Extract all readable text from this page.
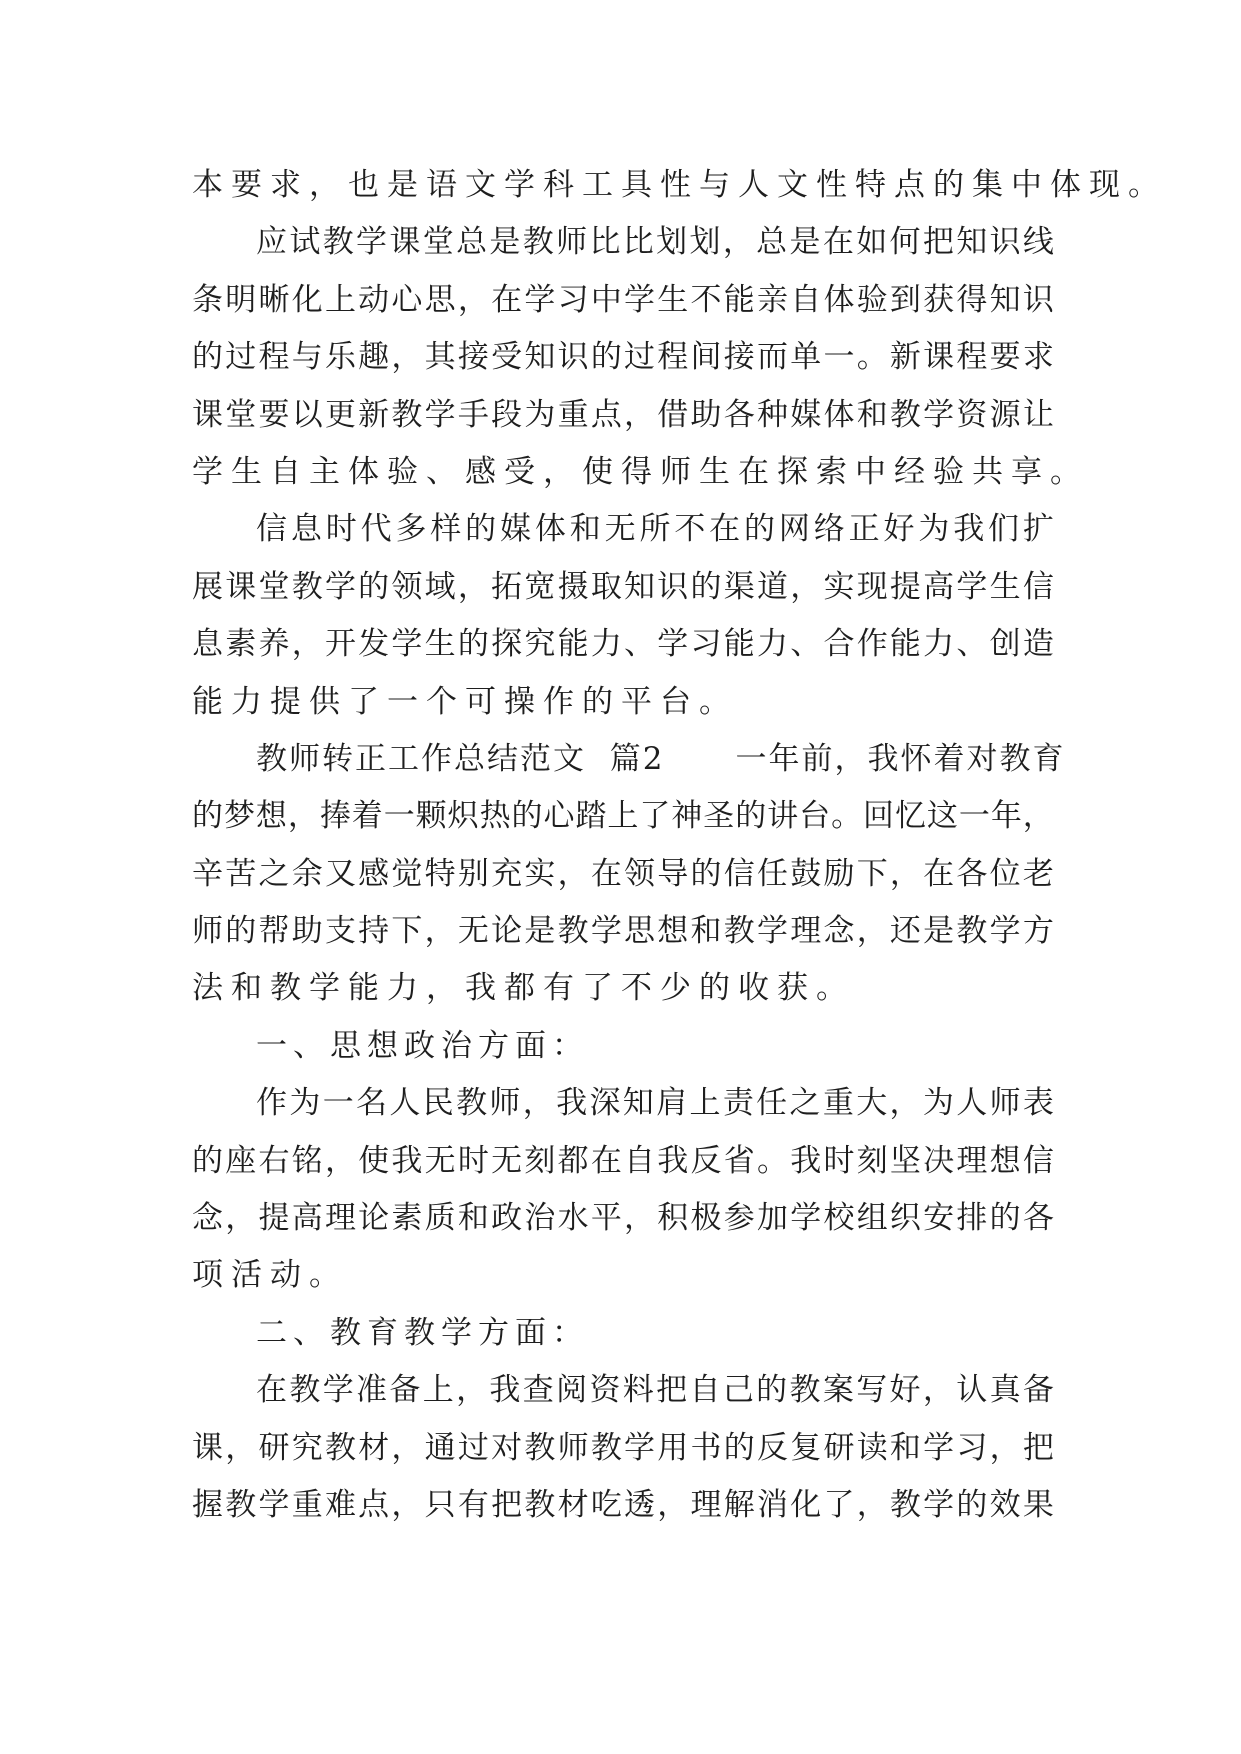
本要求，也是语文学科工具性与人文性特点的集中体现。
应 试 教 学 课 堂 总 是 教 师 比 比 划 划 ， 总 是 在 如 何 把 知 识 线
条 明 晰 化 上 动 心 思 ， 在 学 习 中 学 生 不 能 亲 自 体 验 到 获 得 知 识
的 过 程 与 乐 趣 ， 其 接 受 知 识 的 过 程 间 接 而 单 一 。 新 课 程 要 求
课 堂 要 以 更 新 教 学 手 段 为 重 点 ， 借 助 各 种 媒 体 和 教 学 资 源 让
学生自主体验、感受，使得师生在探索中经验共享。
信 息 时 代 多 样 的 媒 体 和 无 所 不 在 的 网 络 正 好 为 我 们 扩
展 课 堂 教 学 的 领 域 ， 拓 宽 摄 取 知 识 的 渠 道 ， 实 现 提 高 学 生 信
息 素 养 ， 开 发 学 生 的 探 究 能 力 、 学 习 能 力 、 合 作 能 力 、 创 造
能力提供了一个可操作的平台。
教师转正工作总结范文  篇2      一年前，我怀着对教育
的 梦 想 ， 捧 着 一 颗 炽 热 的 心 踏 上 了 神 圣 的 讲 台 。 回 忆 这 一 年 ，
辛 苦 之 余 又 感 觉 特 别 充 实 ， 在 领 导 的 信 任 鼓 励 下 ， 在 各 位 老
师 的 帮 助 支 持 下 ， 无 论 是 教 学 思 想 和 教 学 理 念 ， 还 是 教 学 方
法和教学能力，我都有了不少的收获。
一、思想政治方面：
作 为 一 名 人 民 教 师 ， 我 深 知 肩 上 责 任 之 重 大 ， 为 人 师 表
的 座 右 铭 ， 使 我 无 时 无 刻 都 在 自 我 反 省 。 我 时 刻 坚 决 理 想 信
念 ， 提 高 理 论 素 质 和 政 治 水 平 ， 积 极 参 加 学 校 组 织 安 排 的 各
项活动。
二、教育教学方面：
在 教 学 准 备 上 ， 我 查 阅 资 料 把 自 己 的 教 案 写 好 ， 认 真 备
课 ， 研 究 教 材 ， 通 过 对 教 师 教 学 用 书 的 反 复 研 读 和 学 习 ， 把
握 教 学 重 难 点 ， 只 有 把 教 材 吃 透 ， 理 解 消 化 了 ， 教 学 的 效 果
